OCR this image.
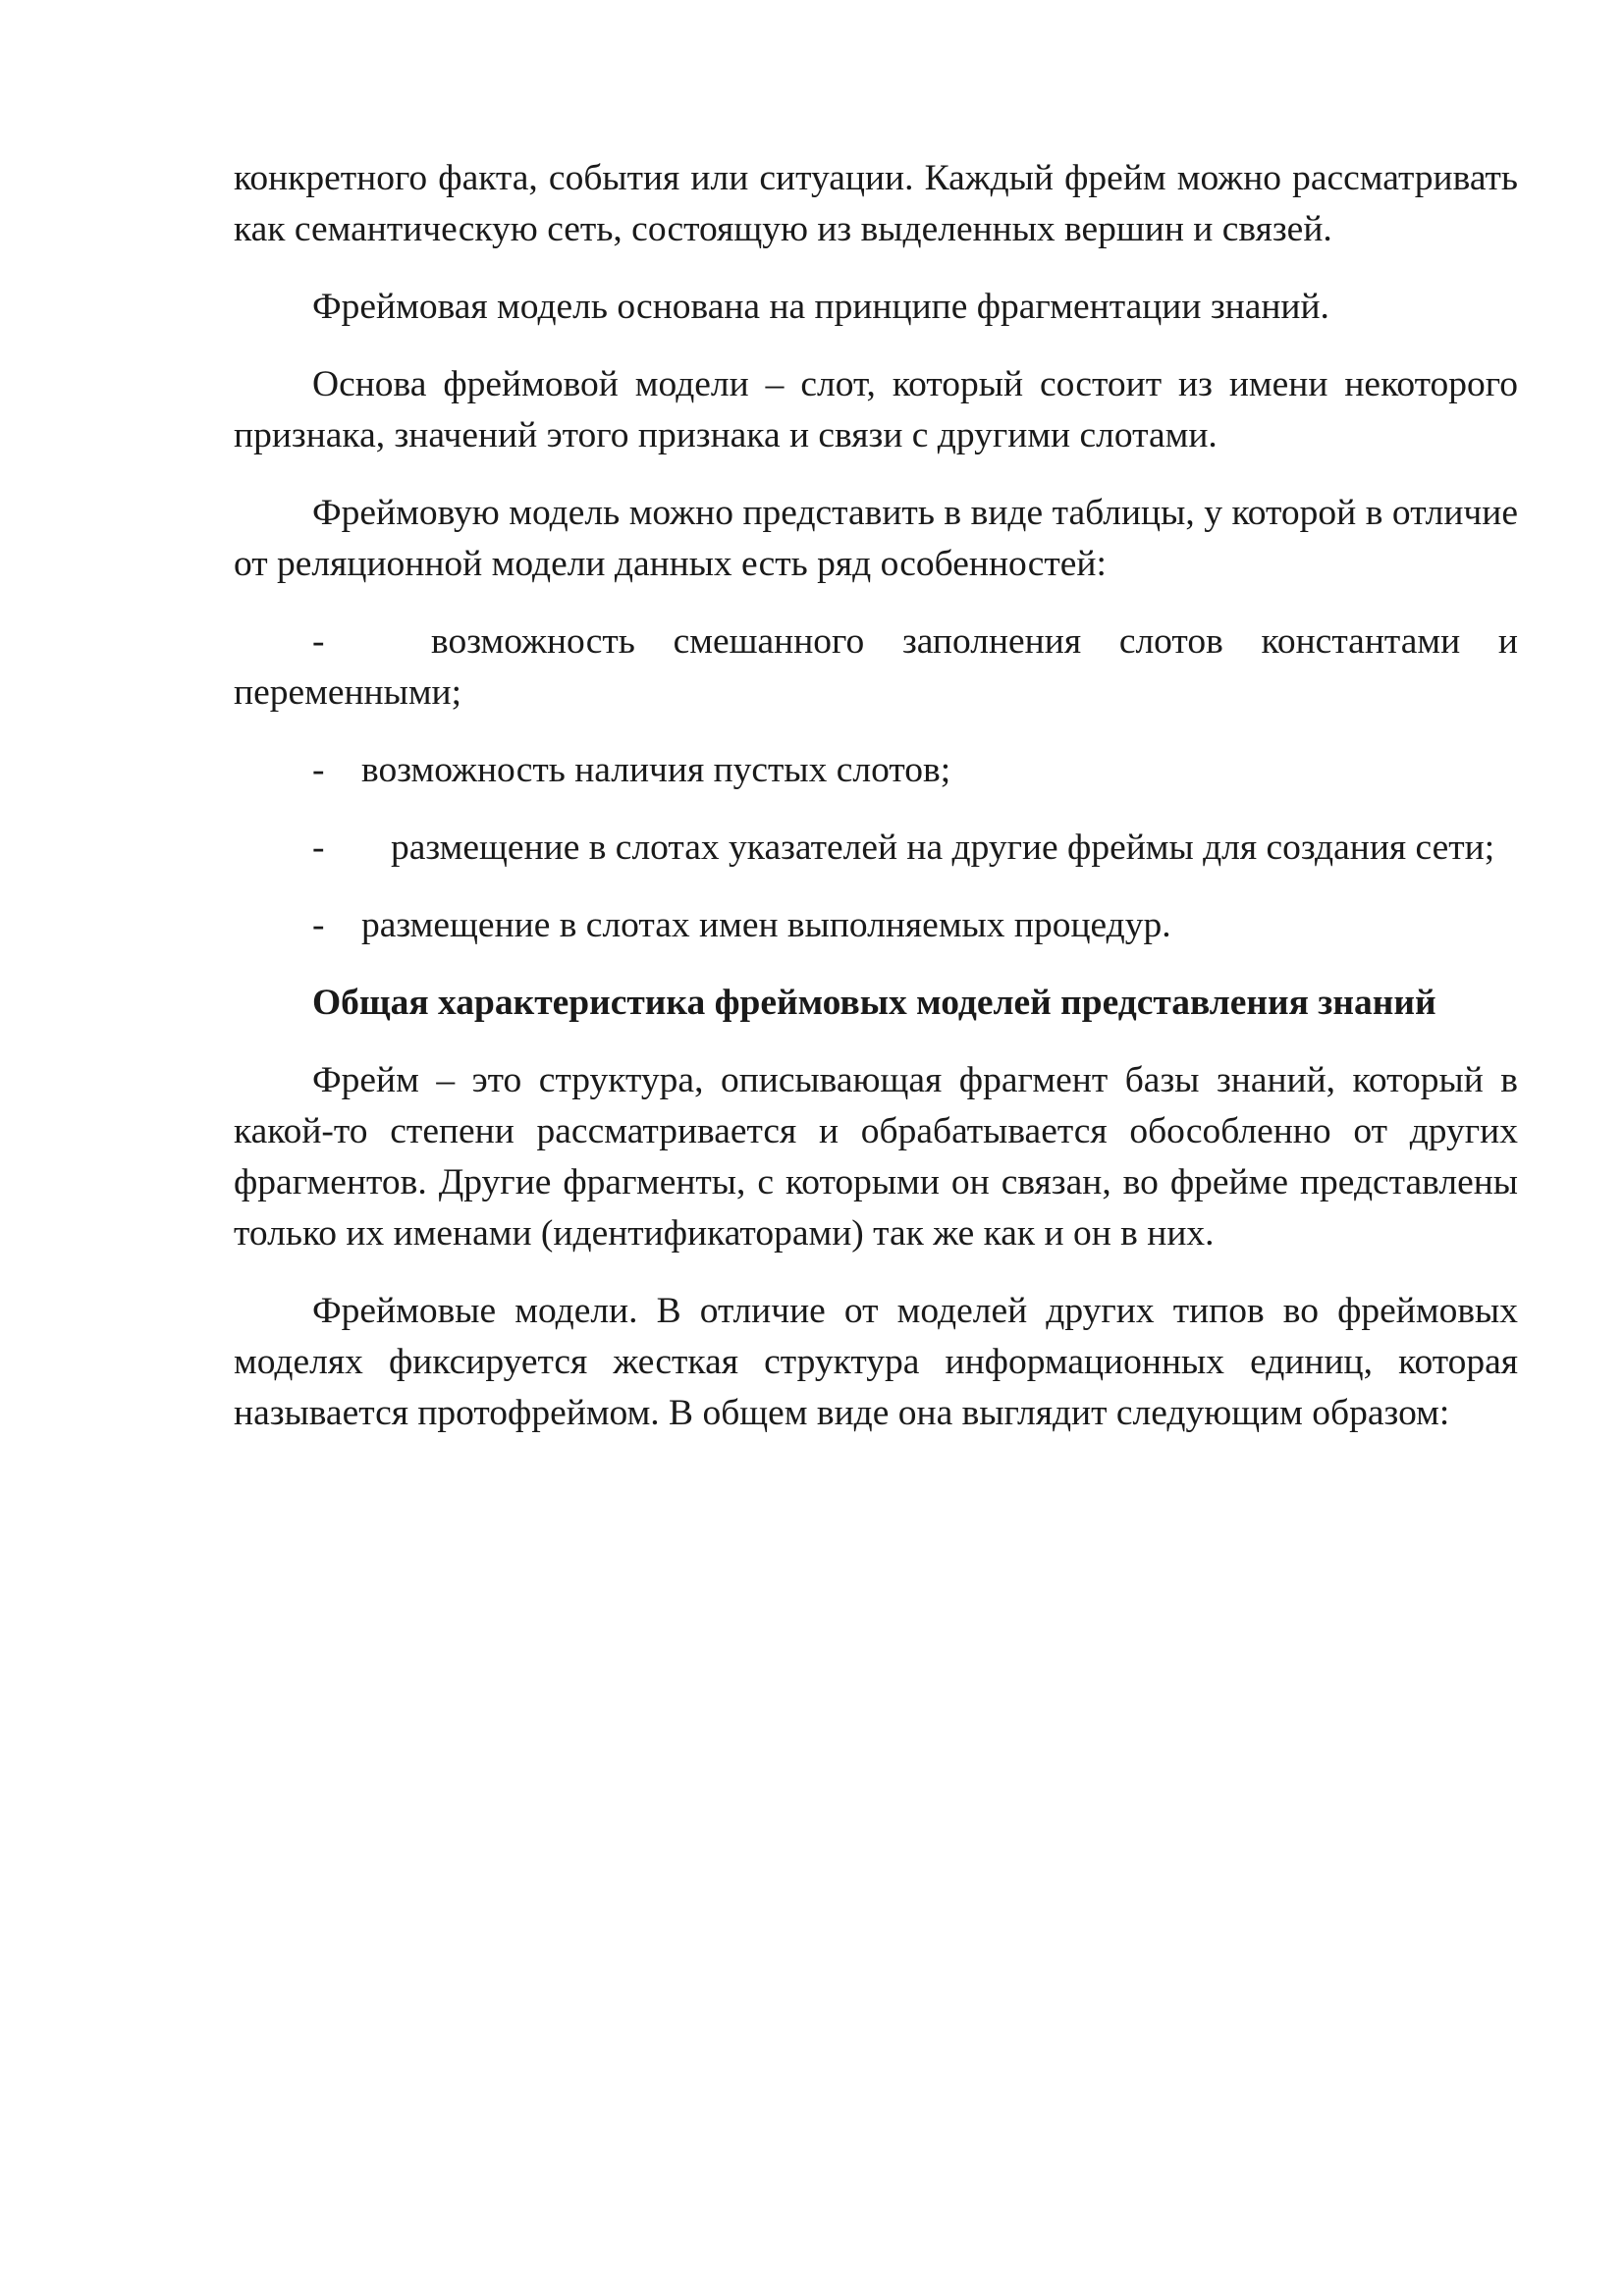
конкретного факта, события или ситуации. Каждый фрейм можно рассматривать как семантическую сеть, состоящую из выделенных вершин и связей.

Фреймовая модель основана на принципе фрагментации знаний.

Основа фреймовой модели – слот, который состоит из имени некоторого признака, значений этого признака и связи с другими слотами.

Фреймовую модель можно представить в виде таблицы, у которой в отличие от реляционной модели данных есть ряд особенностей:

-	возможность смешанного заполнения слотов константами и переменными;

- возможность наличия пустых слотов;

- размещение в слотах указателей на другие фреймы для создания сети;

- размещение в слотах имен выполняемых процедур.

Общая характеристика фреймовых моделей представления знаний

Фрейм – это структура, описывающая фрагмент базы знаний, который в какой-то степени рассматривается и обрабатывается обособленно от других фрагментов. Другие фрагменты, с которыми он связан, во фрейме представлены только их именами (идентификаторами) так же как и он в них.

Фреймовые модели. В отличие от моделей других типов во фреймовых моделях фиксируется жесткая структура информационных единиц, которая называется протофреймом. В общем виде она выглядит следующим образом:
